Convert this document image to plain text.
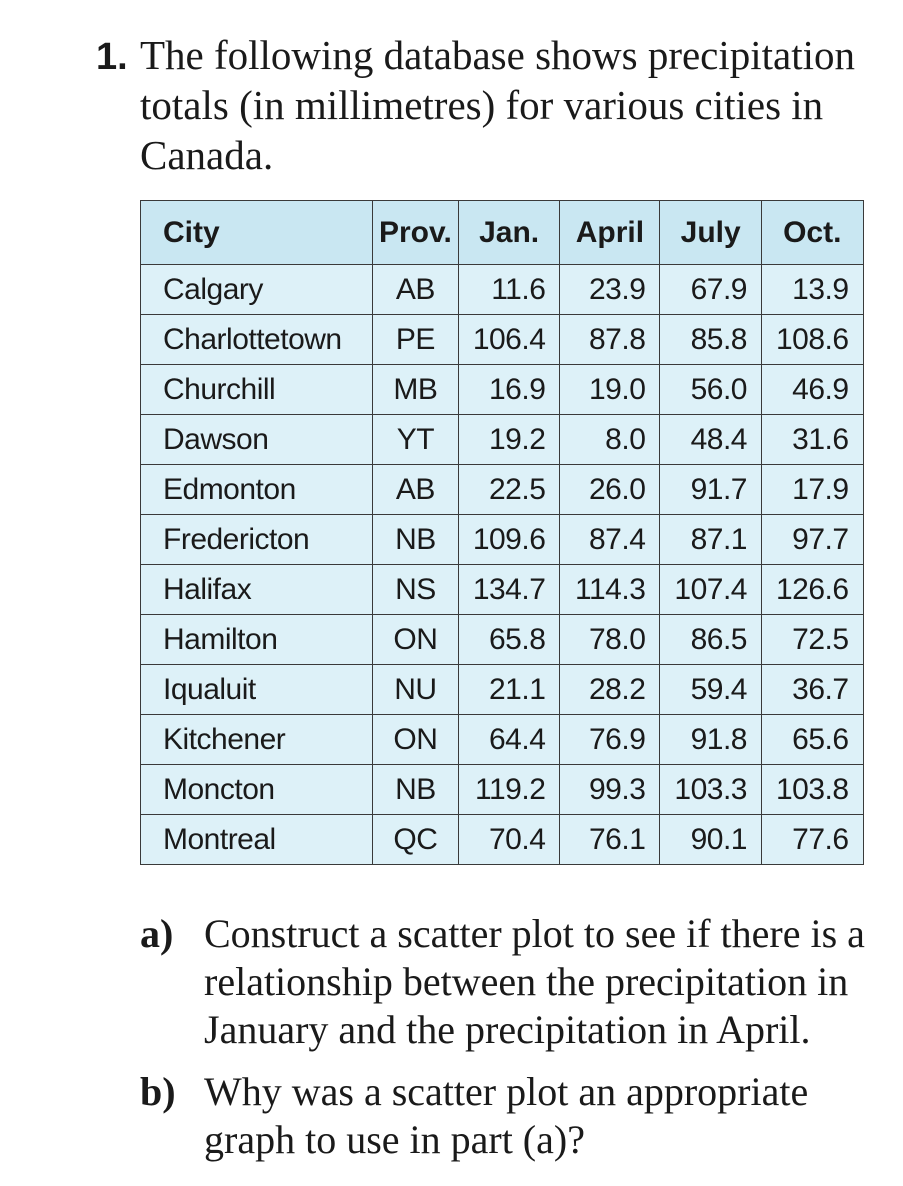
1. The following database shows precipitation totals (in millimetres) for various cities in Canada.
City	Prov.	Jan.	April	July	Oct.
Calgary	AB	11.6	23.9	67.9	13.9
Charlottetown	PE	106.4	87.8	85.8	108.6
Churchill	MB	16.9	19.0	56.0	46.9
Dawson	YT	19.2	8.0	48.4	31.6
Edmonton	AB	22.5	26.0	91.7	17.9
Fredericton	NB	109.6	87.4	87.1	97.7
Halifax	NS	134.7	114.3	107.4	126.6
Hamilton	ON	65.8	78.0	86.5	72.5
Iqualuit	NU	21.1	28.2	59.4	36.7
Kitchener	ON	64.4	76.9	91.8	65.6
Moncton	NB	119.2	99.3	103.3	103.8
Montreal	QC	70.4	76.1	90.1	77.6
a) Construct a scatter plot to see if there is a relationship between the precipitation in January and the precipitation in April.
b) Why was a scatter plot an appropriate graph to use in part (a)?
